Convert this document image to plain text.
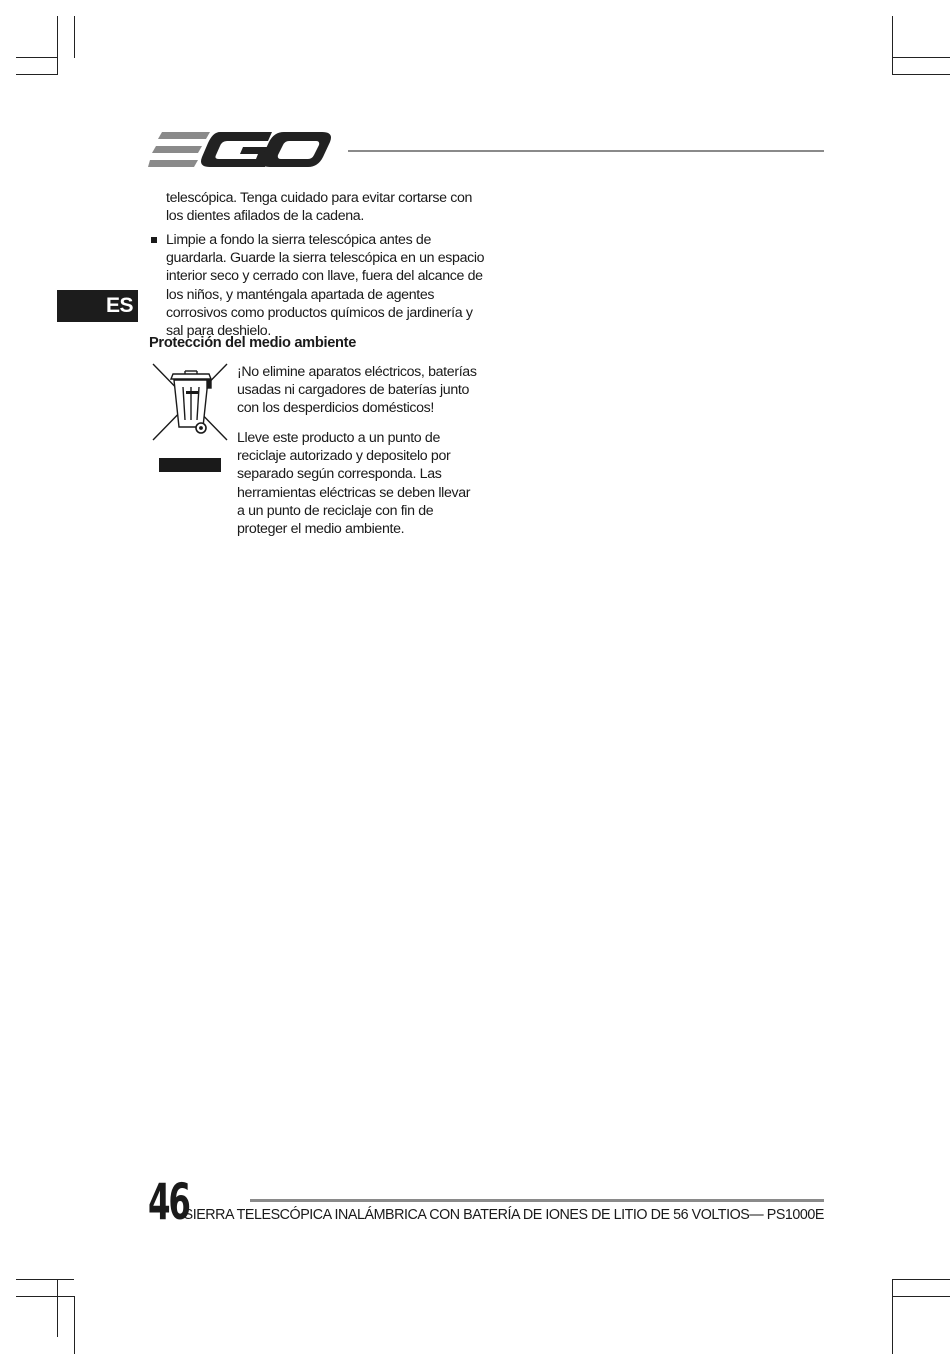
ES

telescópica. Tenga cuidado para evitar cortarse con los dientes afilados de la cadena.

Limpie a fondo la sierra telescópica antes de guardarla. Guarde la sierra telescópica en un espacio interior seco y cerrado con llave, fuera del alcance de los niños, y manténgala apartada de agentes corrosivos como productos químicos de jardinería y sal para deshielo.

Protección del medio ambiente

¡No elimine aparatos eléctricos, baterías usadas ni cargadores de baterías junto con los desperdicios domésticos!

Lleve este producto a un punto de reciclaje autorizado y depositelo por separado según corresponda. Las herramientas eléctricas se deben llevar a un punto de reciclaje con fin de proteger el medio ambiente.

46
SIERRA TELESCÓPICA INALÁMBRICA CON BATERÍA DE IONES DE LITIO DE 56 VOLTIOS— PS1000E
